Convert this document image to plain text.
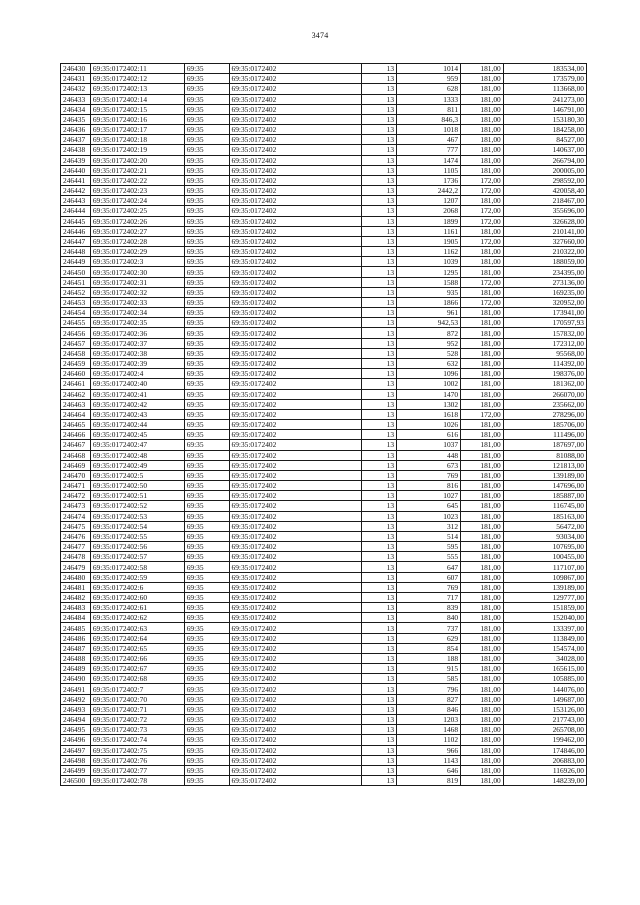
3474
246430	69:35:0172402:11	69:35	69:35:0172402	13	1014	181,00	183534,00
246431	69:35:0172402:12	69:35	69:35:0172402	13	959	181,00	173579,00
246432	69:35:0172402:13	69:35	69:35:0172402	13	628	181,00	113668,00
246433	69:35:0172402:14	69:35	69:35:0172402	13	1333	181,00	241273,00
246434	69:35:0172402:15	69:35	69:35:0172402	13	811	181,00	146791,00
246435	69:35:0172402:16	69:35	69:35:0172402	13	846,3	181,00	153180,30
246436	69:35:0172402:17	69:35	69:35:0172402	13	1018	181,00	184258,00
246437	69:35:0172402:18	69:35	69:35:0172402	13	467	181,00	84527,00
246438	69:35:0172402:19	69:35	69:35:0172402	13	777	181,00	140637,00
246439	69:35:0172402:20	69:35	69:35:0172402	13	1474	181,00	266794,00
246440	69:35:0172402:21	69:35	69:35:0172402	13	1105	181,00	200005,00
246441	69:35:0172402:22	69:35	69:35:0172402	13	1736	172,00	298592,00
246442	69:35:0172402:23	69:35	69:35:0172402	13	2442,2	172,00	420058,40
246443	69:35:0172402:24	69:35	69:35:0172402	13	1207	181,00	218467,00
246444	69:35:0172402:25	69:35	69:35:0172402	13	2068	172,00	355696,00
246445	69:35:0172402:26	69:35	69:35:0172402	13	1899	172,00	326628,00
246446	69:35:0172402:27	69:35	69:35:0172402	13	1161	181,00	210141,00
246447	69:35:0172402:28	69:35	69:35:0172402	13	1905	172,00	327660,00
246448	69:35:0172402:29	69:35	69:35:0172402	13	1162	181,00	210322,00
246449	69:35:0172402:3	69:35	69:35:0172402	13	1039	181,00	188059,00
246450	69:35:0172402:30	69:35	69:35:0172402	13	1295	181,00	234395,00
246451	69:35:0172402:31	69:35	69:35:0172402	13	1588	172,00	273136,00
246452	69:35:0172402:32	69:35	69:35:0172402	13	935	181,00	169235,00
246453	69:35:0172402:33	69:35	69:35:0172402	13	1866	172,00	320952,00
246454	69:35:0172402:34	69:35	69:35:0172402	13	961	181,00	173941,00
246455	69:35:0172402:35	69:35	69:35:0172402	13	942,53	181,00	170597,93
246456	69:35:0172402:36	69:35	69:35:0172402	13	872	181,00	157832,00
246457	69:35:0172402:37	69:35	69:35:0172402	13	952	181,00	172312,00
246458	69:35:0172402:38	69:35	69:35:0172402	13	528	181,00	95568,00
246459	69:35:0172402:39	69:35	69:35:0172402	13	632	181,00	114392,00
246460	69:35:0172402:4	69:35	69:35:0172402	13	1096	181,00	198376,00
246461	69:35:0172402:40	69:35	69:35:0172402	13	1002	181,00	181362,00
246462	69:35:0172402:41	69:35	69:35:0172402	13	1470	181,00	266070,00
246463	69:35:0172402:42	69:35	69:35:0172402	13	1302	181,00	235662,00
246464	69:35:0172402:43	69:35	69:35:0172402	13	1618	172,00	278296,00
246465	69:35:0172402:44	69:35	69:35:0172402	13	1026	181,00	185706,00
246466	69:35:0172402:45	69:35	69:35:0172402	13	616	181,00	111496,00
246467	69:35:0172402:47	69:35	69:35:0172402	13	1037	181,00	187697,00
246468	69:35:0172402:48	69:35	69:35:0172402	13	448	181,00	81088,00
246469	69:35:0172402:49	69:35	69:35:0172402	13	673	181,00	121813,00
246470	69:35:0172402:5	69:35	69:35:0172402	13	769	181,00	139189,00
246471	69:35:0172402:50	69:35	69:35:0172402	13	816	181,00	147696,00
246472	69:35:0172402:51	69:35	69:35:0172402	13	1027	181,00	185887,00
246473	69:35:0172402:52	69:35	69:35:0172402	13	645	181,00	116745,00
246474	69:35:0172402:53	69:35	69:35:0172402	13	1023	181,00	185163,00
246475	69:35:0172402:54	69:35	69:35:0172402	13	312	181,00	56472,00
246476	69:35:0172402:55	69:35	69:35:0172402	13	514	181,00	93034,00
246477	69:35:0172402:56	69:35	69:35:0172402	13	595	181,00	107695,00
246478	69:35:0172402:57	69:35	69:35:0172402	13	555	181,00	100455,00
246479	69:35:0172402:58	69:35	69:35:0172402	13	647	181,00	117107,00
246480	69:35:0172402:59	69:35	69:35:0172402	13	607	181,00	109867,00
246481	69:35:0172402:6	69:35	69:35:0172402	13	769	181,00	139189,00
246482	69:35:0172402:60	69:35	69:35:0172402	13	717	181,00	129777,00
246483	69:35:0172402:61	69:35	69:35:0172402	13	839	181,00	151859,00
246484	69:35:0172402:62	69:35	69:35:0172402	13	840	181,00	152040,00
246485	69:35:0172402:63	69:35	69:35:0172402	13	737	181,00	133397,00
246486	69:35:0172402:64	69:35	69:35:0172402	13	629	181,00	113849,00
246487	69:35:0172402:65	69:35	69:35:0172402	13	854	181,00	154574,00
246488	69:35:0172402:66	69:35	69:35:0172402	13	188	181,00	34028,00
246489	69:35:0172402:67	69:35	69:35:0172402	13	915	181,00	165615,00
246490	69:35:0172402:68	69:35	69:35:0172402	13	585	181,00	105885,00
246491	69:35:0172402:7	69:35	69:35:0172402	13	796	181,00	144076,00
246492	69:35:0172402:70	69:35	69:35:0172402	13	827	181,00	149687,00
246493	69:35:0172402:71	69:35	69:35:0172402	13	846	181,00	153126,00
246494	69:35:0172402:72	69:35	69:35:0172402	13	1203	181,00	217743,00
246495	69:35:0172402:73	69:35	69:35:0172402	13	1468	181,00	265708,00
246496	69:35:0172402:74	69:35	69:35:0172402	13	1102	181,00	199462,00
246497	69:35:0172402:75	69:35	69:35:0172402	13	966	181,00	174846,00
246498	69:35:0172402:76	69:35	69:35:0172402	13	1143	181,00	206883,00
246499	69:35:0172402:77	69:35	69:35:0172402	13	646	181,00	116926,00
246500	69:35:0172402:78	69:35	69:35:0172402	13	819	181,00	148239,00
